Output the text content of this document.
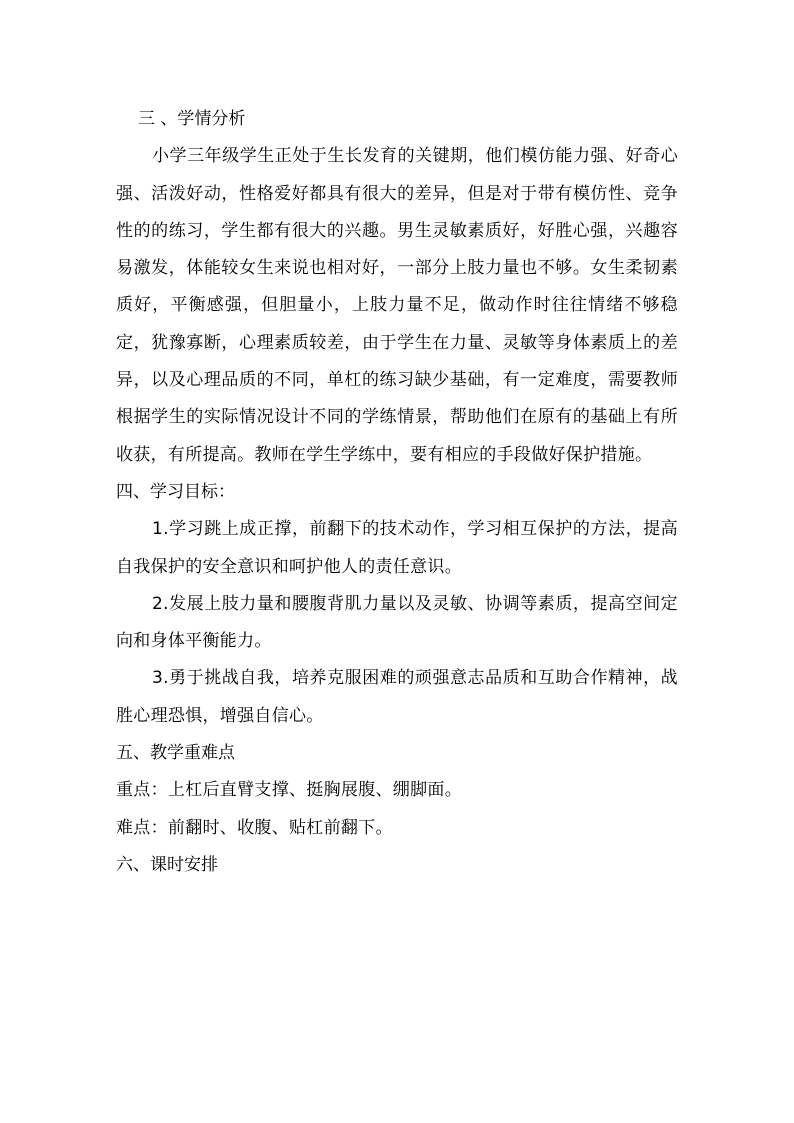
三 、学情分析

小学三年级学生正处于生长发育的关键期，他们模仿能力强、好奇心强、活泼好动，性格爱好都具有很大的差异，但是对于带有模仿性、竞争性的的练习，学生都有很大的兴趣。男生灵敏素质好，好胜心强，兴趣容易激发，体能较女生来说也相对好，一部分上肢力量也不够。女生柔韧素质好，平衡感强，但胆量小，上肢力量不足，做动作时往往情绪不够稳定，犹豫寡断，心理素质较差，由于学生在力量、灵敏等身体素质上的差异，以及心理品质的不同，单杠的练习缺少基础，有一定难度，需要教师根据学生的实际情况设计不同的学练情景，帮助他们在原有的基础上有所收获，有所提高。教师在学生学练中，要有相应的手段做好保护措施。

四、学习目标：

1.学习跳上成正撑，前翻下的技术动作，学习相互保护的方法，提高自我保护的安全意识和呵护他人的责任意识。

2.发展上肢力量和腰腹背肌力量以及灵敏、协调等素质，提高空间定向和身体平衡能力。

3.勇于挑战自我，培养克服困难的顽强意志品质和互助合作精神，战胜心理恐惧，增强自信心。

五、教学重难点

重点：上杠后直臂支撑、挺胸展腹、绷脚面。

难点：前翻时、收腹、贴杠前翻下。

六、课时安排
